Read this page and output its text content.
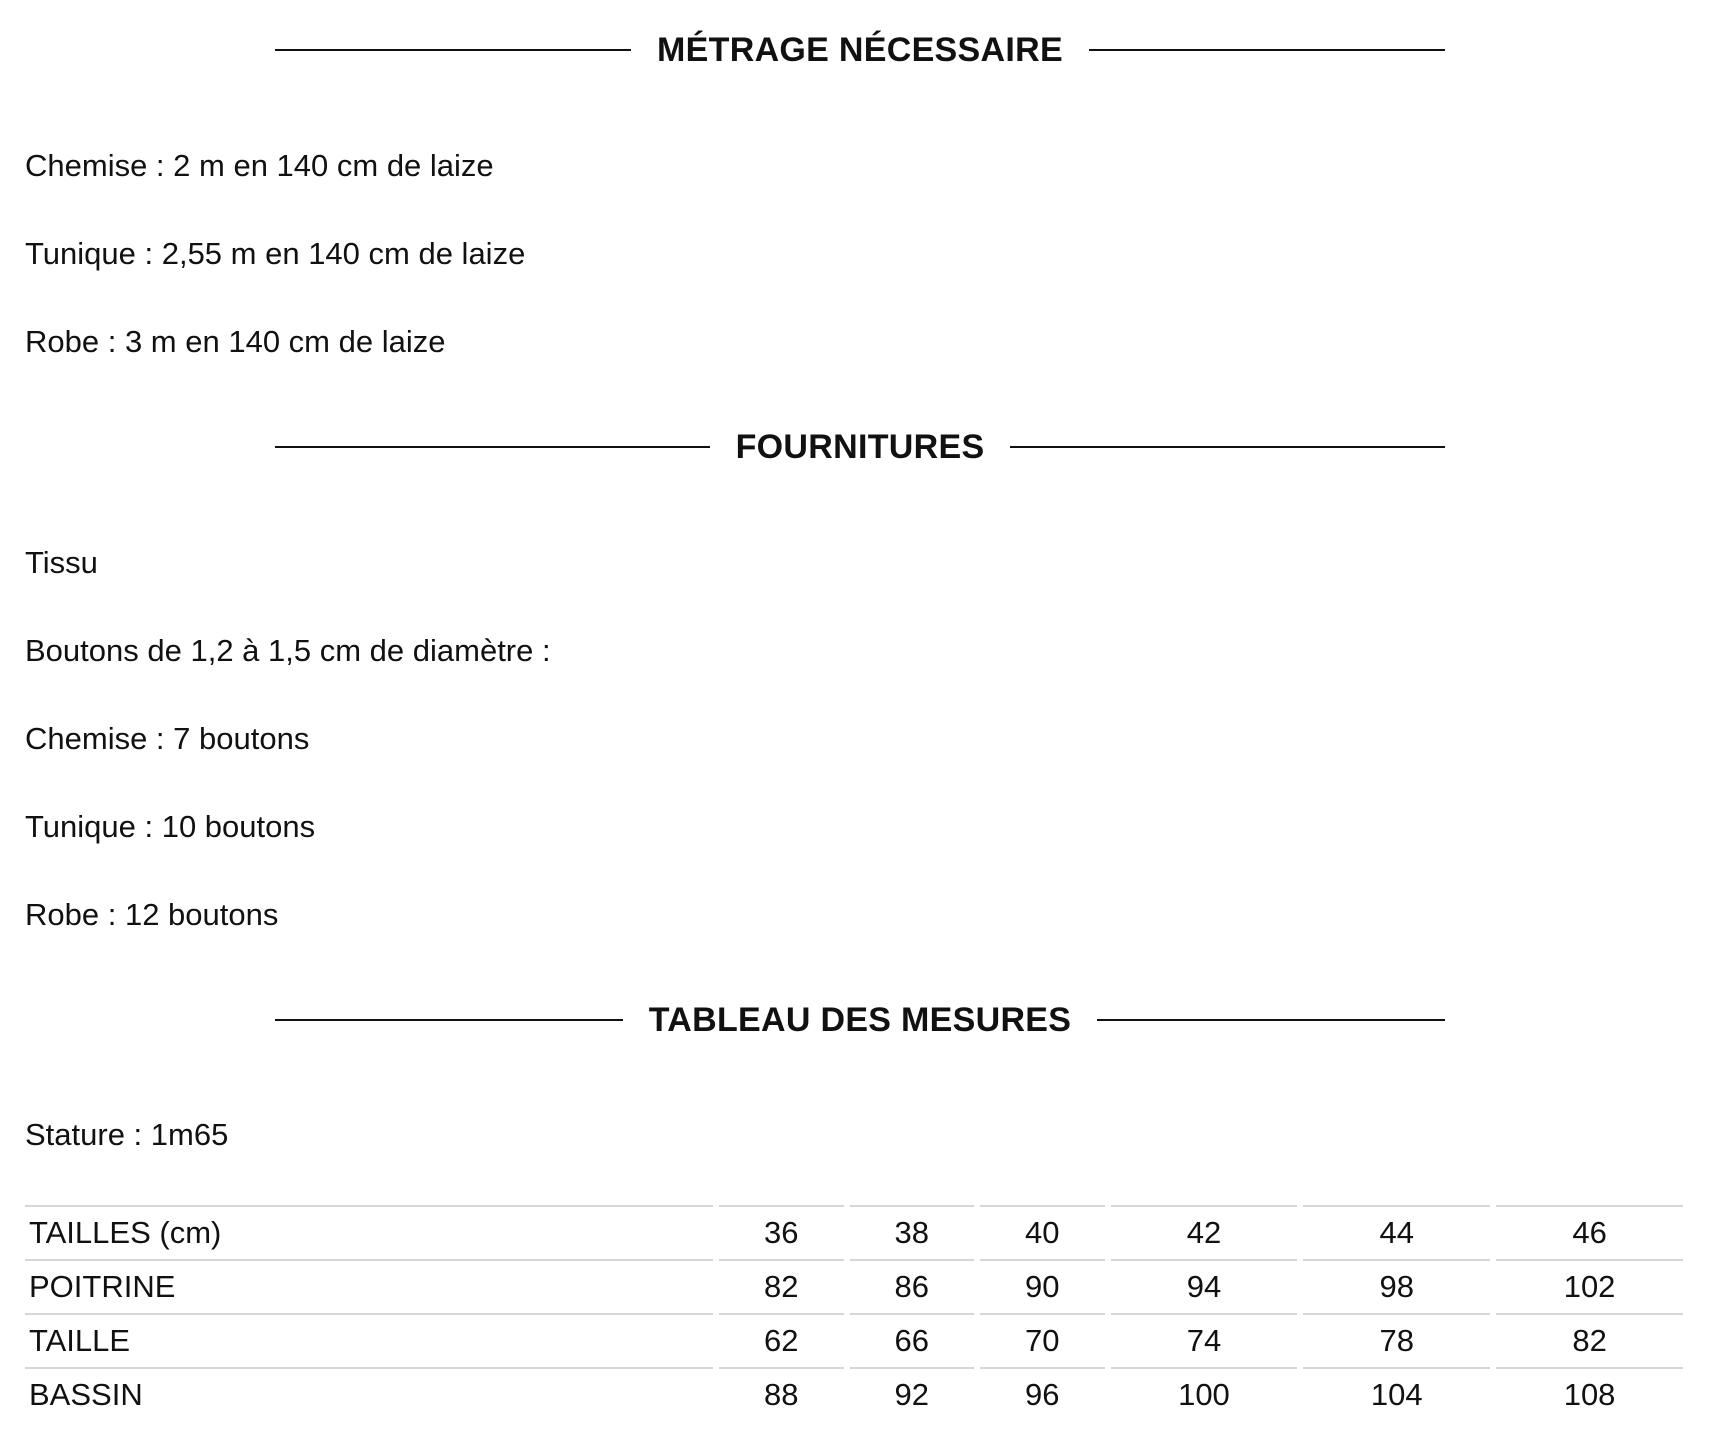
MÉTRAGE NÉCESSAIRE
Chemise : 2 m en 140 cm de laize
Tunique : 2,55 m en 140 cm de laize
Robe : 3 m en 140 cm de laize
FOURNITURES
Tissu
Boutons de 1,2 à 1,5 cm de diamètre :
Chemise : 7 boutons
Tunique : 10 boutons
Robe : 12 boutons
TABLEAU DES MESURES
Stature : 1m65
TAILLES (cm)	36	38	40	42	44	46
POITRINE	82	86	90	94	98	102
TAILLE	62	66	70	74	78	82
BASSIN	88	92	96	100	104	108
